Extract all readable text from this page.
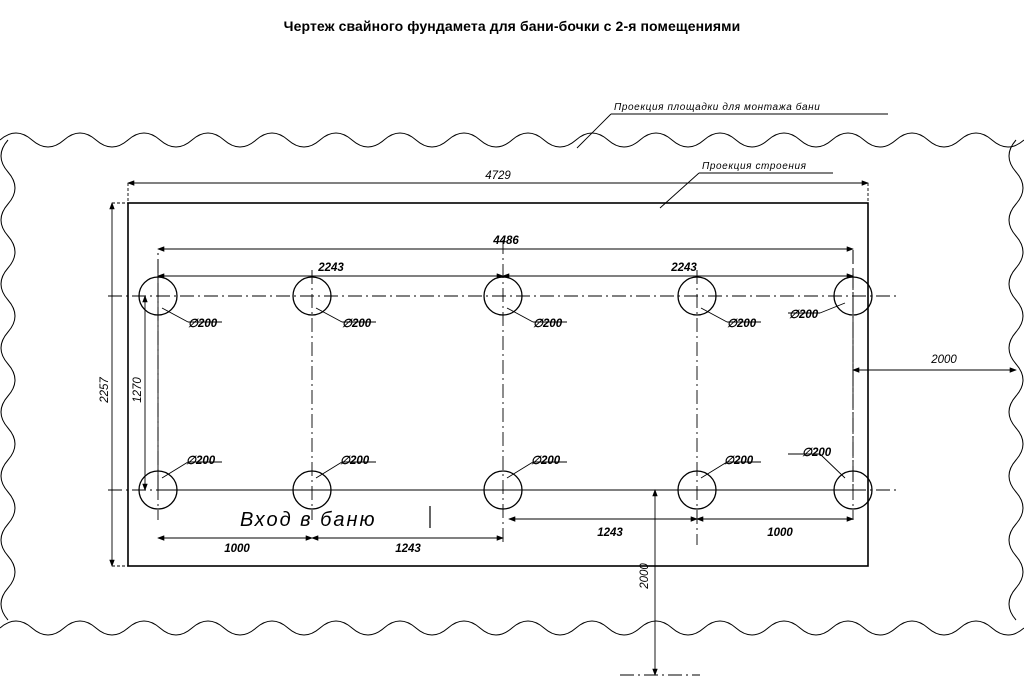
Чертеж свайного фундамета для бани-бочки с 2-я помещениями
4729
4486
2243	2243
2257 1270
1000	1243
1243	1000
2000
2000
Проекция площадки для монтажа бани
Проекция строения
∅200	∅200	∅200	∅200
∅200
∅200	∅200	∅200	∅200
∅200
Вход в баню
